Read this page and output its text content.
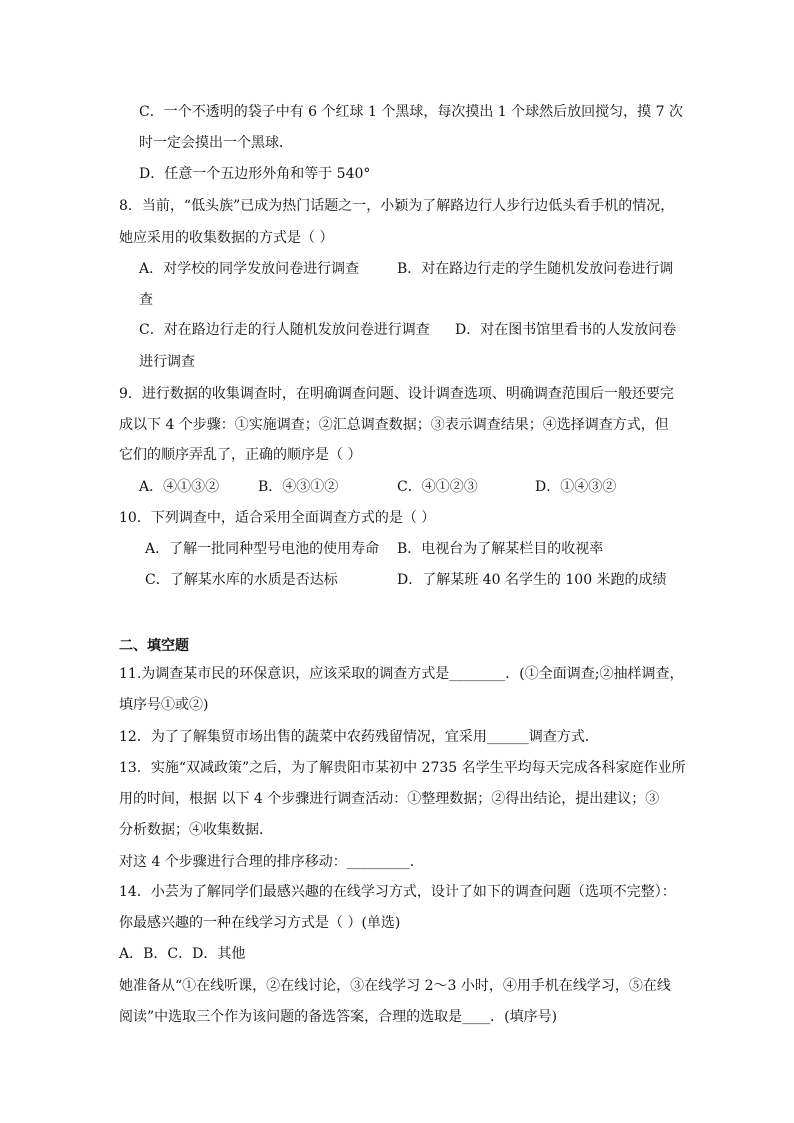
C．一个不透明的袋子中有 6 个红球 1 个黑球，每次摸出 1 个球然后放回搅匀，摸 7 次
时一定会摸出一个黑球．
D．任意一个五边形外角和等于 540°
8．当前，“低头族”已成为热门话题之一，小颖为了解路边行人步行边低头看手机的情况，
她应采用的收集数据的方式是（ ）
A．对学校的同学发放问卷进行调查	B．对在路边行走的学生随机发放问卷进行调
查
C．对在路边行走的行人随机发放问卷进行调查 D．对在图书馆里看书的人发放问卷
进行调查
9．进行数据的收集调查时，在明确调查问题、设计调查选项、明确调查范围后一般还要完
成以下 4 个步骤：①实施调查；②汇总调查数据；③表示调查结果；④选择调查方式，但
它们的顺序弄乱了，正确的顺序是（ ）
A．④①③②	B．④③①②	C．④①②③	D．①④③②
10．下列调查中，适合采用全面调查方式的是（ ）
A．了解一批同种型号电池的使用寿命 B．电视台为了解某栏目的收视率
C．了解某水库的水质是否达标	D．了解某班 40 名学生的 100 米跑的成绩
二、填空题
11.为调查某市民的环保意识，应该采取的调查方式是________．(①全面调查;②抽样调查，
填序号①或②)
12．为了了解集贸市场出售的蔬菜中农药残留情况，宜采用______调查方式．
13．实施“双减政策”之后，为了解贵阳市某初中 2735 名学生平均每天完成各科家庭作业所
用的时间，根据 以下 4 个步骤进行调查活动：①整理数据；②得出结论，提出建议；③
分析数据；④收集数据．
对这 4 个步骤进行合理的排序移动：_________．
14．小芸为了解同学们最感兴趣的在线学习方式，设计了如下的调查问题（选项不完整）：
你最感兴趣的一种在线学习方式是（ ）(单选)
A．B．C．D．其他
她准备从“①在线听课，②在线讨论，③在线学习 2～3 小时，④用手机在线学习，⑤在线
阅读”中选取三个作为该问题的备选答案，合理的选取是____．(填序号)
